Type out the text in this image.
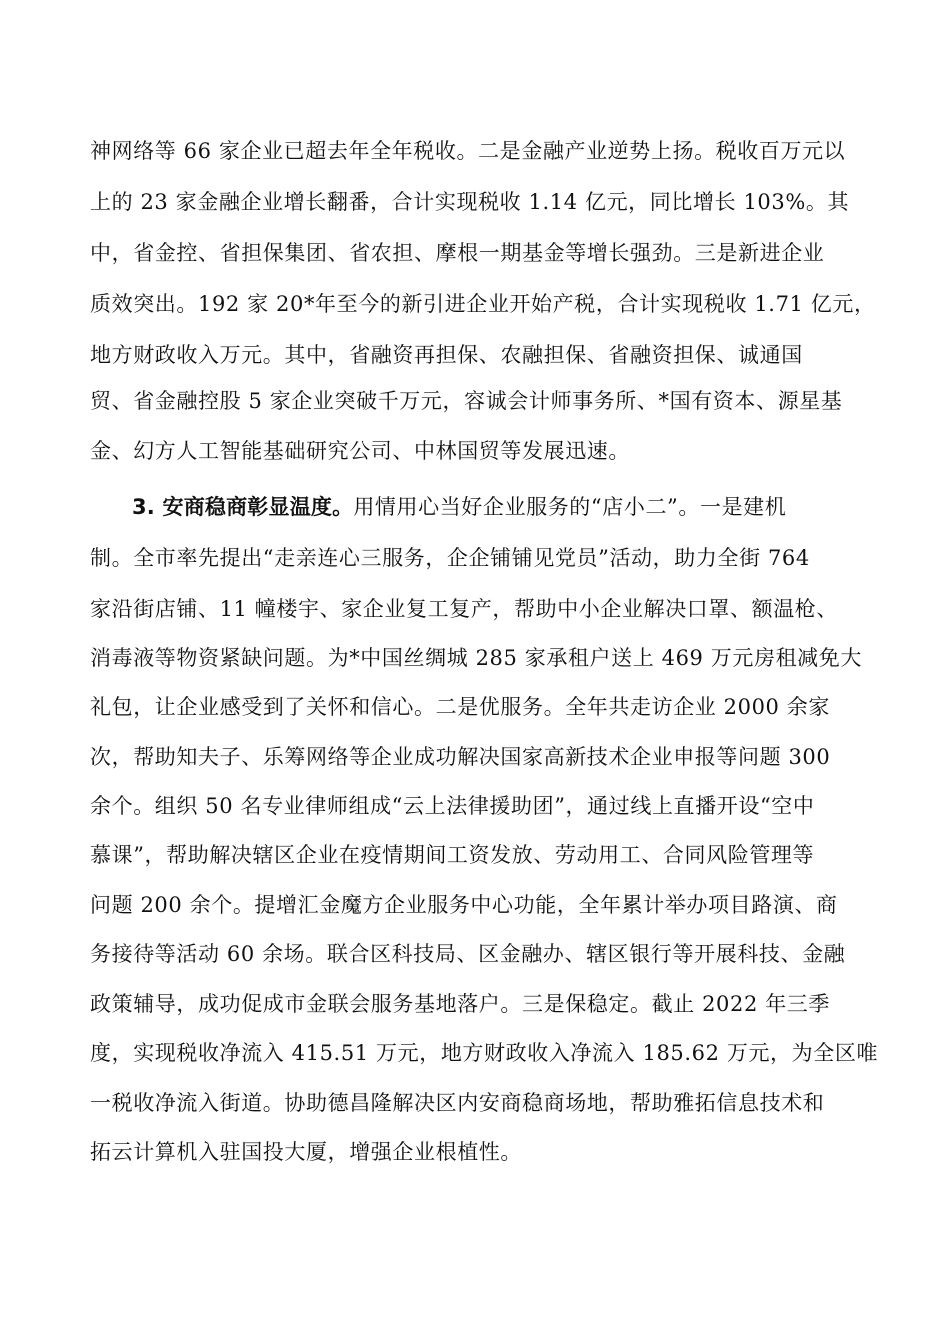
神网络等 66 家企业已超去年全年税收。二是金融产业逆势上扬。税收百万元以
上的 23 家金融企业增长翻番，合计实现税收 1.14 亿元，同比增长 103%。其
中，省金控、省担保集团、省农担、摩根一期基金等增长强劲。三是新进企业
质效突出。192 家 20*年至今的新引进企业开始产税，合计实现税收 1.71 亿元，
地方财政收入万元。其中，省融资再担保、农融担保、省融资担保、诚通国
贸、省金融控股 5 家企业突破千万元，容诚会计师事务所、*国有资本、源星基
金、幻方人工智能基础研究公司、中林国贸等发展迅速。
3. 安商稳商彰显温度。用情用心当好企业服务的“店小二”。一是建机
制。全市率先提出“走亲连心三服务，企企铺铺见党员”活动，助力全街 764
家沿街店铺、11 幢楼宇、家企业复工复产，帮助中小企业解决口罩、额温枪、
消毒液等物资紧缺问题。为*中国丝绸城 285 家承租户送上 469 万元房租减免大
礼包，让企业感受到了关怀和信心。二是优服务。全年共走访企业 2000 余家
次，帮助知夫子、乐筹网络等企业成功解决国家高新技术企业申报等问题 300
余个。组织 50 名专业律师组成“云上法律援助团”，通过线上直播开设“空中
慕课”，帮助解决辖区企业在疫情期间工资发放、劳动用工、合同风险管理等
问题 200 余个。提增汇金魔方企业服务中心功能，全年累计举办项目路演、商
务接待等活动 60 余场。联合区科技局、区金融办、辖区银行等开展科技、金融
政策辅导，成功促成市金联会服务基地落户。三是保稳定。截止 2022 年三季
度，实现税收净流入 415.51 万元，地方财政收入净流入 185.62 万元，为全区唯
一税收净流入街道。协助德昌隆解决区内安商稳商场地，帮助雅拓信息技术和
拓云计算机入驻国投大厦，增强企业根植性。
